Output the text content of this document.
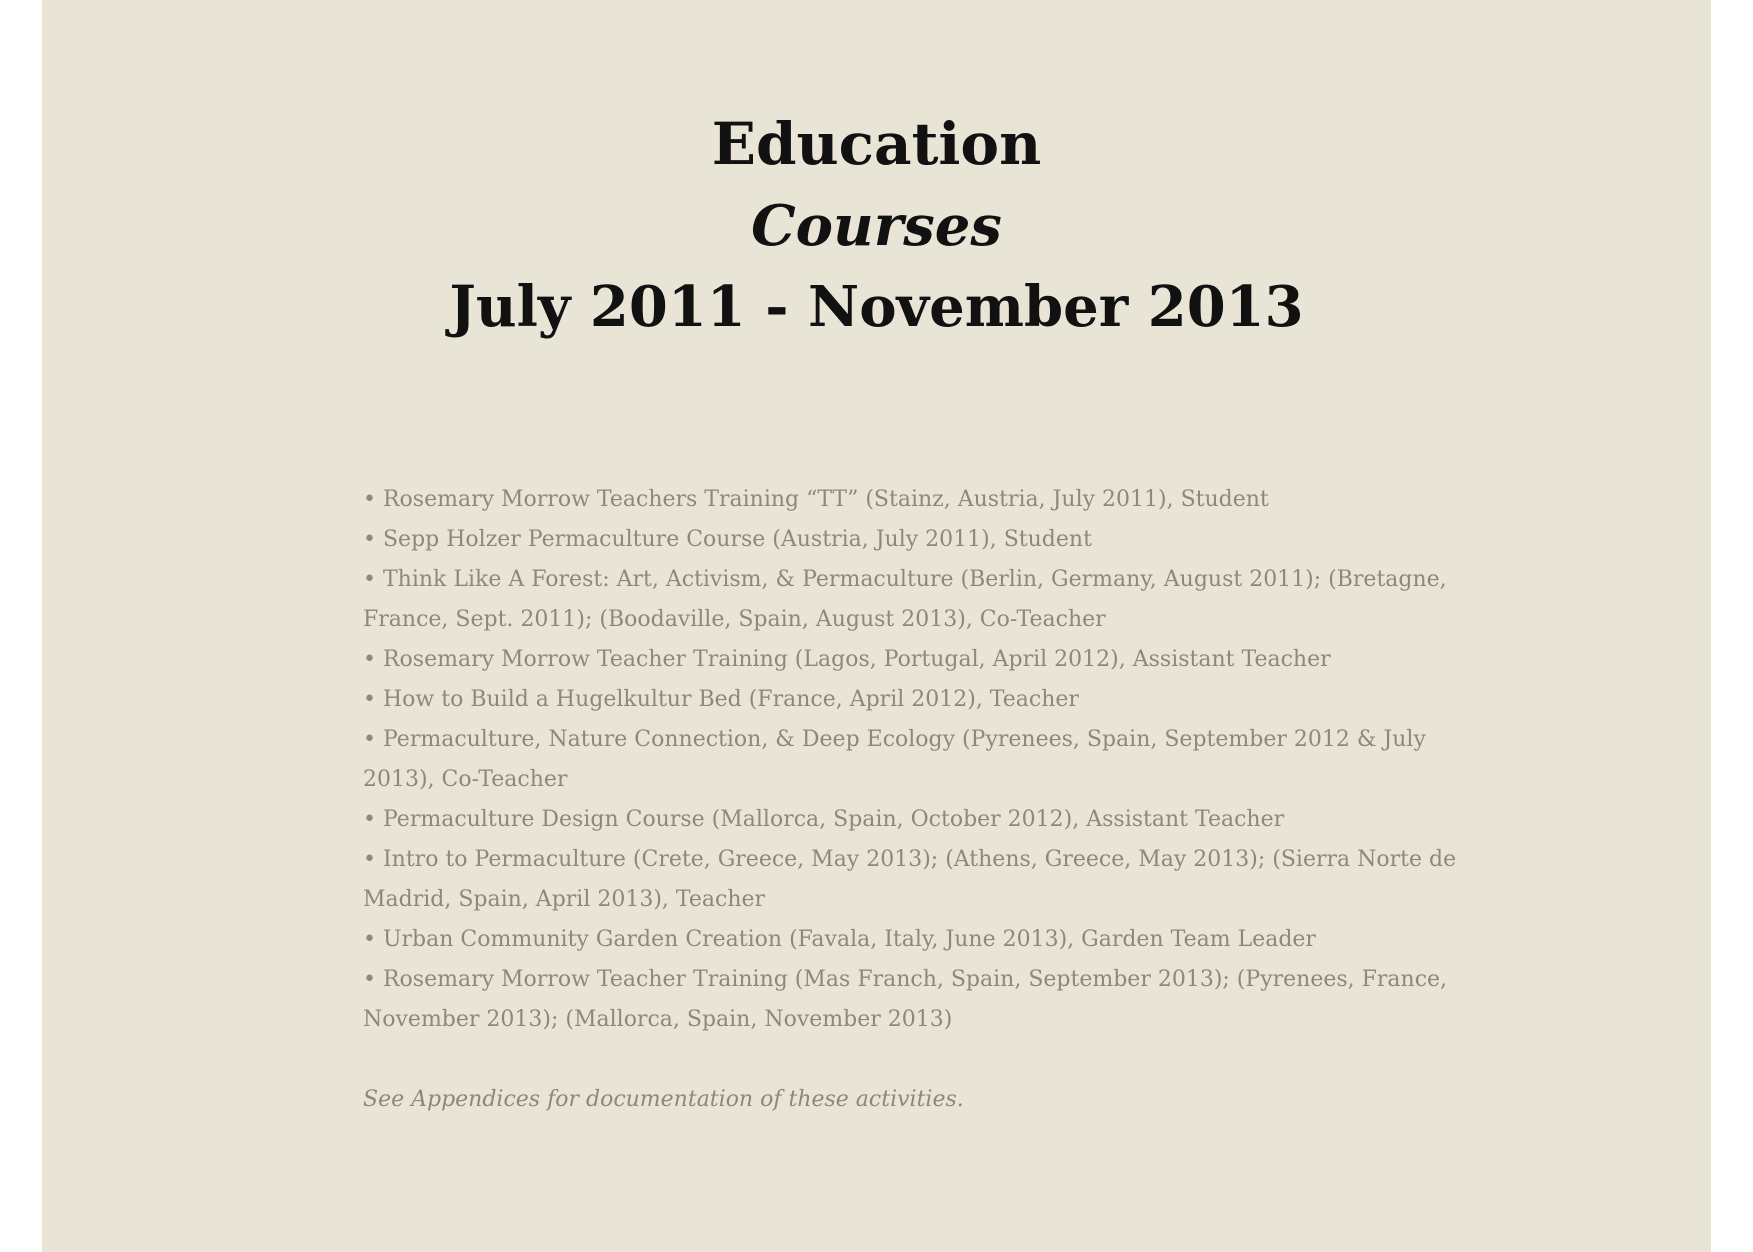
Education
Courses
July 2011 - November 2013
• Rosemary Morrow Teachers Training “TT” (Stainz, Austria, July 2011), Student
• Sepp Holzer Permaculture Course (Austria, July 2011), Student
• Think Like A Forest: Art, Activism, & Permaculture (Berlin, Germany, August 2011); (Bretagne, France, Sept. 2011); (Boodaville, Spain, August 2013), Co-Teacher
• Rosemary Morrow Teacher Training (Lagos, Portugal, April 2012), Assistant Teacher
• How to Build a Hugelkultur Bed (France, April 2012), Teacher
• Permaculture, Nature Connection, & Deep Ecology (Pyrenees, Spain, September 2012 & July 2013), Co-Teacher
• Permaculture Design Course (Mallorca, Spain, October 2012), Assistant Teacher
• Intro to Permaculture (Crete, Greece, May 2013); (Athens, Greece, May 2013); (Sierra Norte de Madrid, Spain, April 2013), Teacher
• Urban Community Garden Creation (Favala, Italy, June 2013), Garden Team Leader
• Rosemary Morrow Teacher Training (Mas Franch, Spain, September 2013); (Pyrenees, France, November 2013); (Mallorca, Spain, November 2013)

See Appendices for documentation of these activities.
